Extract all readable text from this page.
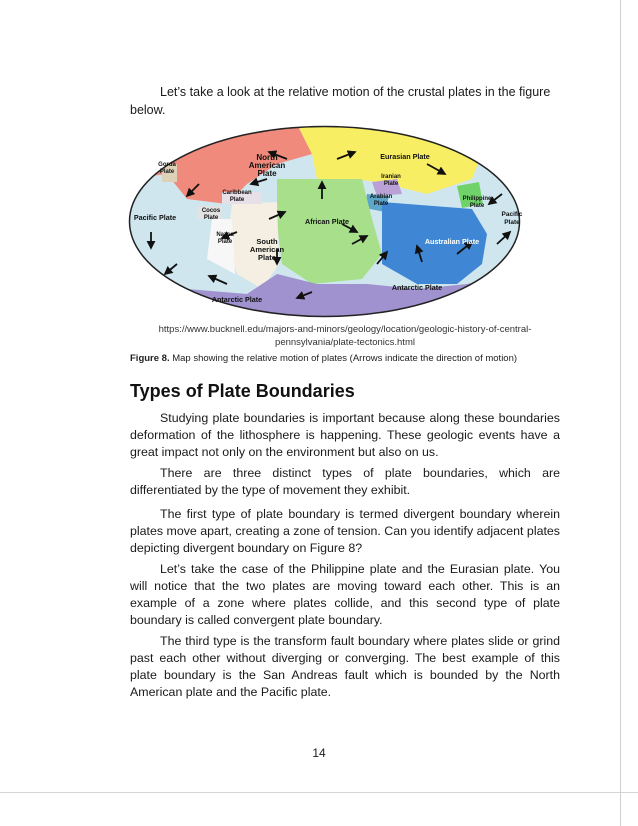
Let’s take a look at the relative motion of the crustal plates in the figure
below.
Gorda Plate
North American Plate
Eurasian Plate
Iranian Plate
Arabian Plate
Philippine Plate
Caribbean Plate
Cocos Plate
Pacific Plate	Pacific Plate
African Plate
Nazca Plate	South American Plate
Australian Plate
Antarctic Plate
Antarctic Plate
https://www.bucknell.edu/majors-and-minors/geology/location/geologic-history-of-central-
pennsylvania/plate-tectonics.html
Figure 8. Map showing the relative motion of plates (Arrows indicate the direction of motion)
Types of Plate Boundaries
Studying plate boundaries is important because along these boundaries deformation of the lithosphere is happening. These geologic events have a great impact not only on the environment but also on us.
There are three distinct types of plate boundaries, which are differentiated by the type of movement they exhibit.
The first type of plate boundary is termed divergent boundary wherein plates move apart, creating a zone of tension. Can you identify adjacent plates depicting divergent boundary on Figure 8?
Let’s take the case of the Philippine plate and the Eurasian plate. You will notice that the two plates are moving toward each other. This is an example of a zone where plates collide, and this second type of plate boundary is called convergent plate boundary.
The third type is the transform fault boundary where plates slide or grind past each other without diverging or converging. The best example of this plate boundary is the San Andreas fault which is bounded by the North American plate and the Pacific plate.
14
